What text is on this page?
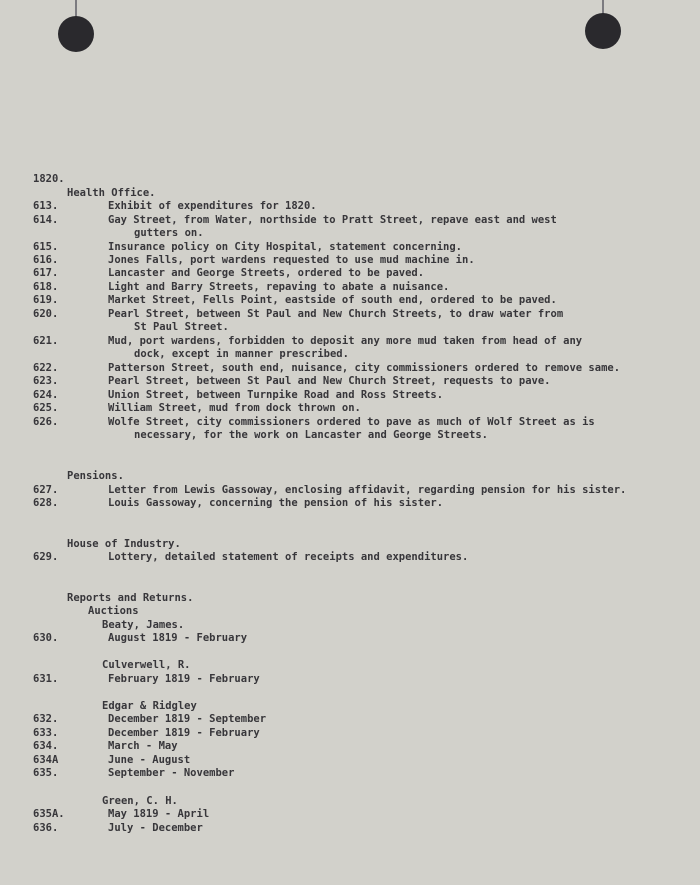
1820.
Health Office.
613.	Exhibit of expenditures for 1820.
614.	Gay Street, from Water, northside to Pratt Street, repave east and west
gutters on.
615.	Insurance policy on City Hospital, statement concerning.
616.	Jones Falls, port wardens requested to use mud machine in.
617.	Lancaster and George Streets, ordered to be paved.
618.	Light and Barry Streets, repaving to abate a nuisance.
619.	Market Street, Fells Point, eastside of south end, ordered to be paved.
620.	Pearl Street, between St Paul and New Church Streets, to draw water from
St Paul Street.
621.	Mud, port wardens, forbidden to deposit any more mud taken from head of any
dock, except in manner prescribed.
622.	Patterson Street, south end, nuisance, city commissioners ordered to remove same.
623.	Pearl Street, between St Paul and New Church Street, requests to pave.
624.	Union Street, between Turnpike Road and Ross Streets.
625.	William Street, mud from dock thrown on.
626.	Wolfe Street, city commissioners ordered to pave as much of Wolf Street as is
necessary, for the work on Lancaster and George Streets.
Pensions.
627.	Letter from Lewis Gassoway, enclosing affidavit, regarding pension for his sister.
628.	Louis Gassoway, concerning the pension of his sister.
House of Industry.
629.	Lottery, detailed statement of receipts and expenditures.
Reports and Returns.
Auctions
Beaty, James.
630.	August 1819 - February
Culverwell, R.
631.	February 1819 - February
Edgar & Ridgley
632.	December 1819 - September
633.	December 1819 - February
634.	March - May
634A	June - August
635.	September - November
Green, C. H.
635A.	May 1819 - April
636.	July - December
